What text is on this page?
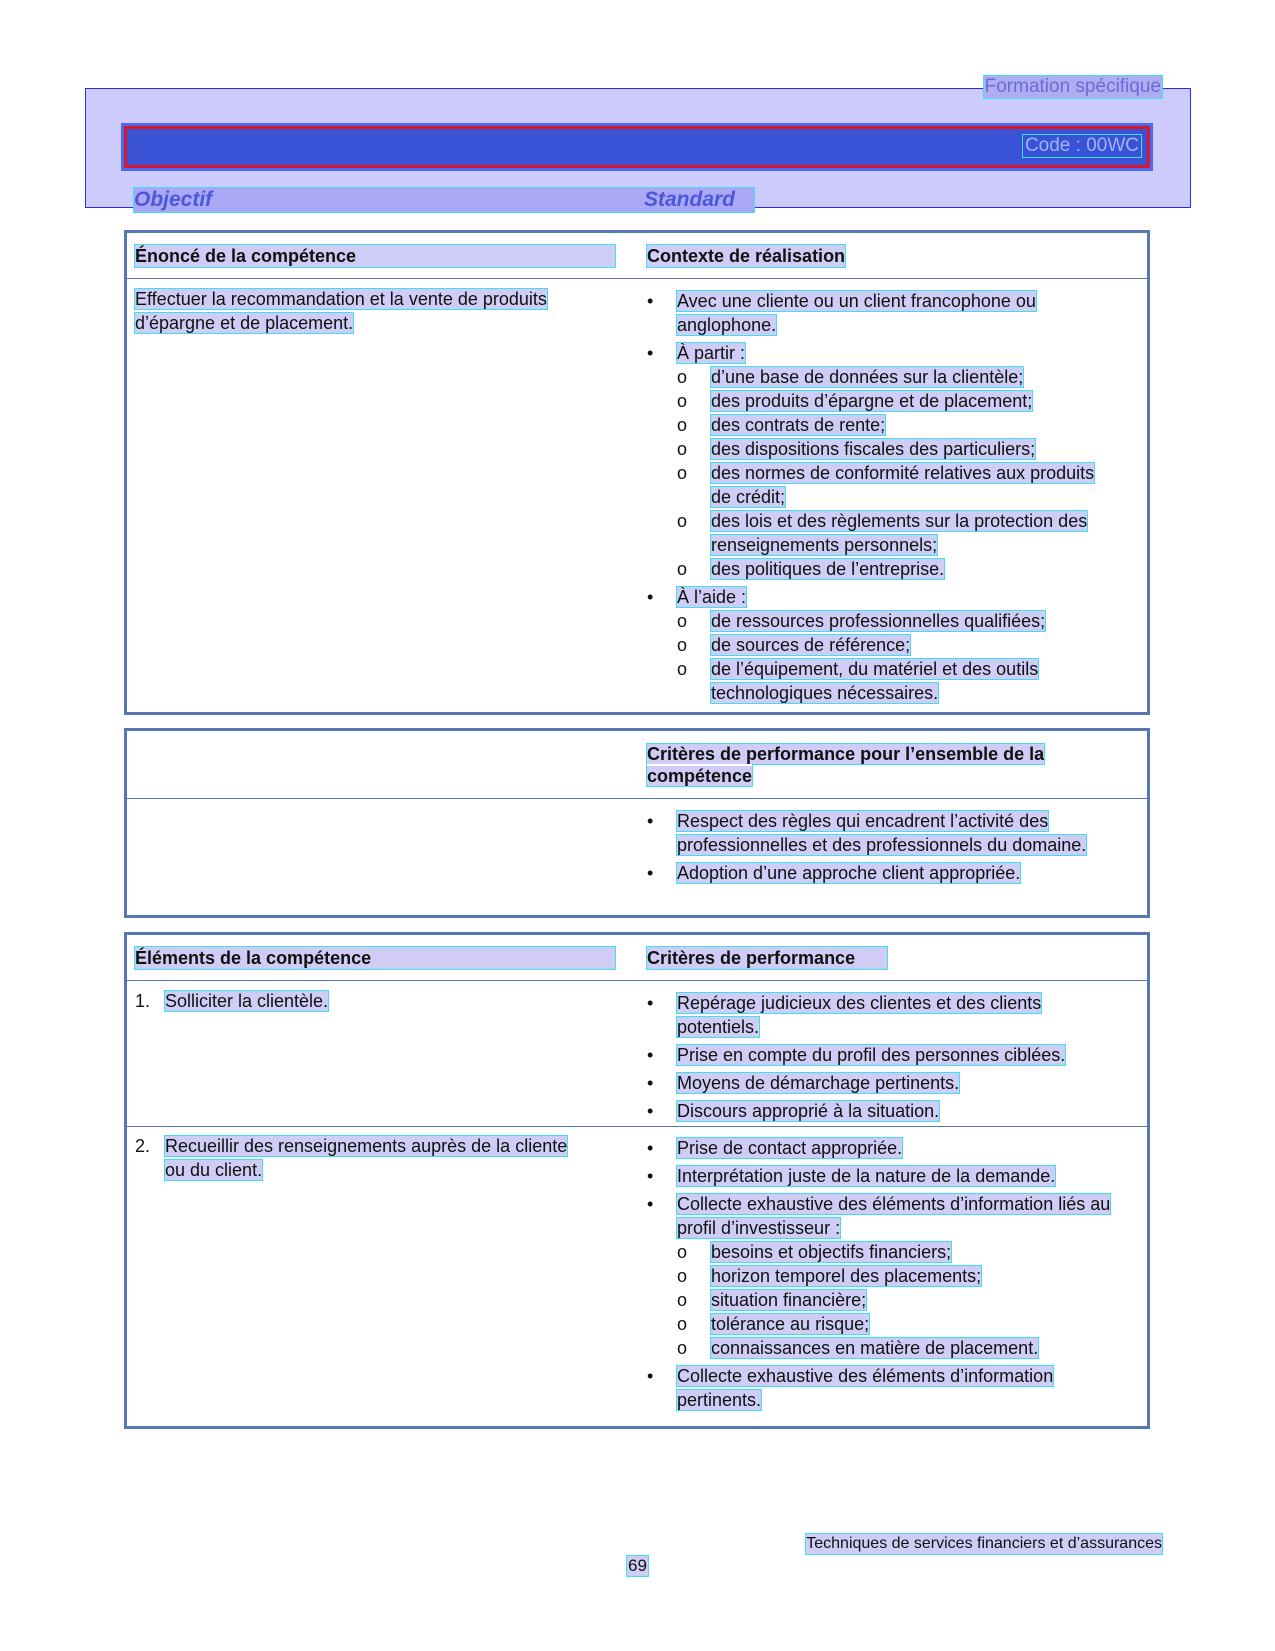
Formation spécifique
Code : 00WC
Objectif	Standard
Énoncé de la compétence	Contexte de réalisation
Effectuer la recommandation et la vente de produits d’épargne et de placement.
•
Avec une cliente ou un client francophone ou anglophone.
•
À partir :
o
d’une base de données sur la clientèle;
o
des produits d’épargne et de placement;
o
des contrats de rente;
o
des dispositions fiscales des particuliers;
o
des normes de conformité relatives aux produits de crédit;
o
des lois et des règlements sur la protection des renseignements personnels;
o
des politiques de l’entreprise.
•
À l’aide :
o
de ressources professionnelles qualifiées;
o
de sources de référence;
o
de l’équipement, du matériel et des outils technologiques nécessaires.
Critères de performance pour l’ensemble de la compétence
•
Respect des règles qui encadrent l’activité des professionnelles et des professionnels du domaine.
•
Adoption d’une approche client appropriée.
Éléments de la compétence	Critères de performance
1. Solliciter la clientèle.
•	Repérage judicieux des clientes et des clients potentiels.
•
Prise en compte du profil des personnes ciblées.
•
Moyens de démarchage pertinents.
•
Discours approprié à la situation.
2. Recueillir des renseignements auprès de la cliente ou du client.
•
Prise de contact appropriée.
•
Interprétation juste de la nature de la demande.
•
Collecte exhaustive des éléments d’information liés au profil d’investisseur :
o
besoins et objectifs financiers;
o
horizon temporel des placements;
o
situation financière;
o
tolérance au risque;
o
connaissances en matière de placement.
•
Collecte exhaustive des éléments d’information pertinents.
Techniques de services financiers et d’assurances
69
